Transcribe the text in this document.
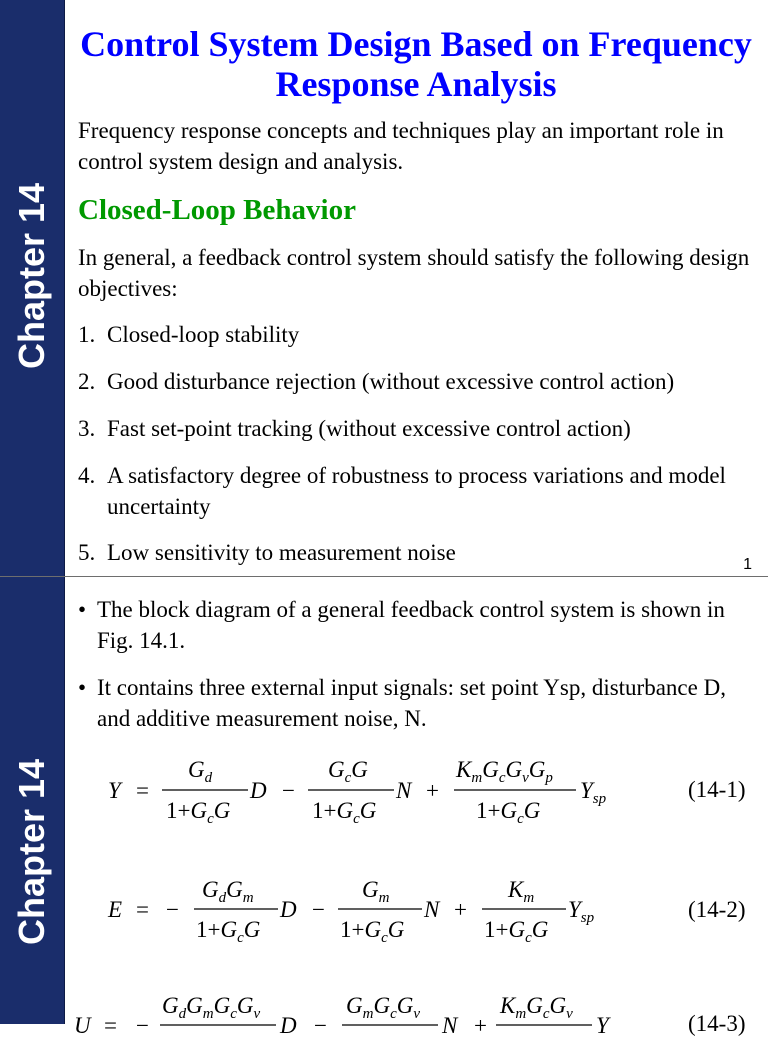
Chapter 14
Control System Design Based on Frequency Response Analysis
Frequency response concepts and techniques play an important role in control system design and analysis.
Closed-Loop Behavior
In general, a feedback control system should satisfy the following design objectives:
1. Closed-loop stability
2. Good disturbance rejection (without excessive control action)
3. Fast set-point tracking (without excessive control action)
4. A satisfactory degree of robustness to process variations and model uncertainty
5. Low sensitivity to measurement noise	1
Chapter 14
• The block diagram of a general feedback control system is shown in Fig. 14.1.
• It contains three external input signals: set point Ysp, disturbance D, and additive measurement noise, N.
Y =
$G_d$
$1+G_cG$
D −
$G_cG$
$1+G_cG$
N +
$K_mG_cG_vG_p$
$1+G_cG$
$Y_{sp}$	(14-1)
E = −
$G_dG_m$
$1+G_cG$
D −
$G_m$
$1+G_cG$
N +
$K_m$
$1+G_cG$
$Y_{sp}$	(14-2)
U = −
$G_dG_mG_cG_v$ D −
$G_mG_cG_v$ N +
$K_mG_cG_v$ Y	(14-3)
